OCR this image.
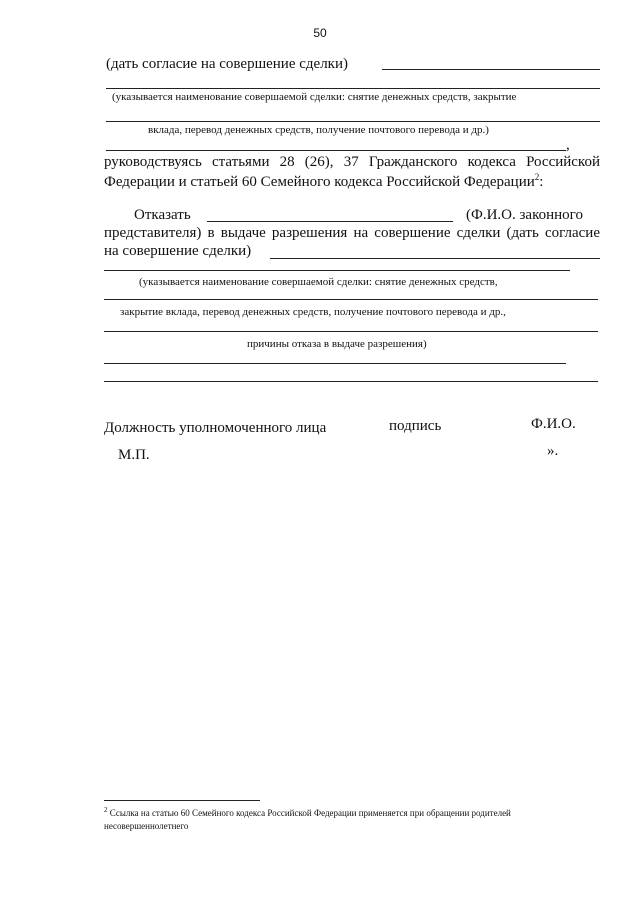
50
(дать согласие на совершение сделки)
(указывается наименование совершаемой сделки: снятие денежных средств, закрытие
вклада, перевод денежных средств, получение почтового перевода и др.)
,
руководствуясь статьями 28 (26), 37 Гражданского кодекса Российской
Федерации и статьей 60 Семейного кодекса Российской Федерации$^2$:
Отказать	(Ф.И.О. законного
представителя) в выдаче разрешения на совершение сделки (дать согласие
на совершение сделки)
(указывается наименование совершаемой сделки: снятие денежных средств,
закрытие вклада, перевод денежных средств, получение почтового перевода и др.,
причины отказа в выдаче разрешения)
Должность уполномоченного лица	подпись	Ф.И.О.
М.П.	».
$^2$ Ссылка на статью 60 Семейного кодекса Российской Федерации применяется при обращении родителей
несовершеннолетнего
